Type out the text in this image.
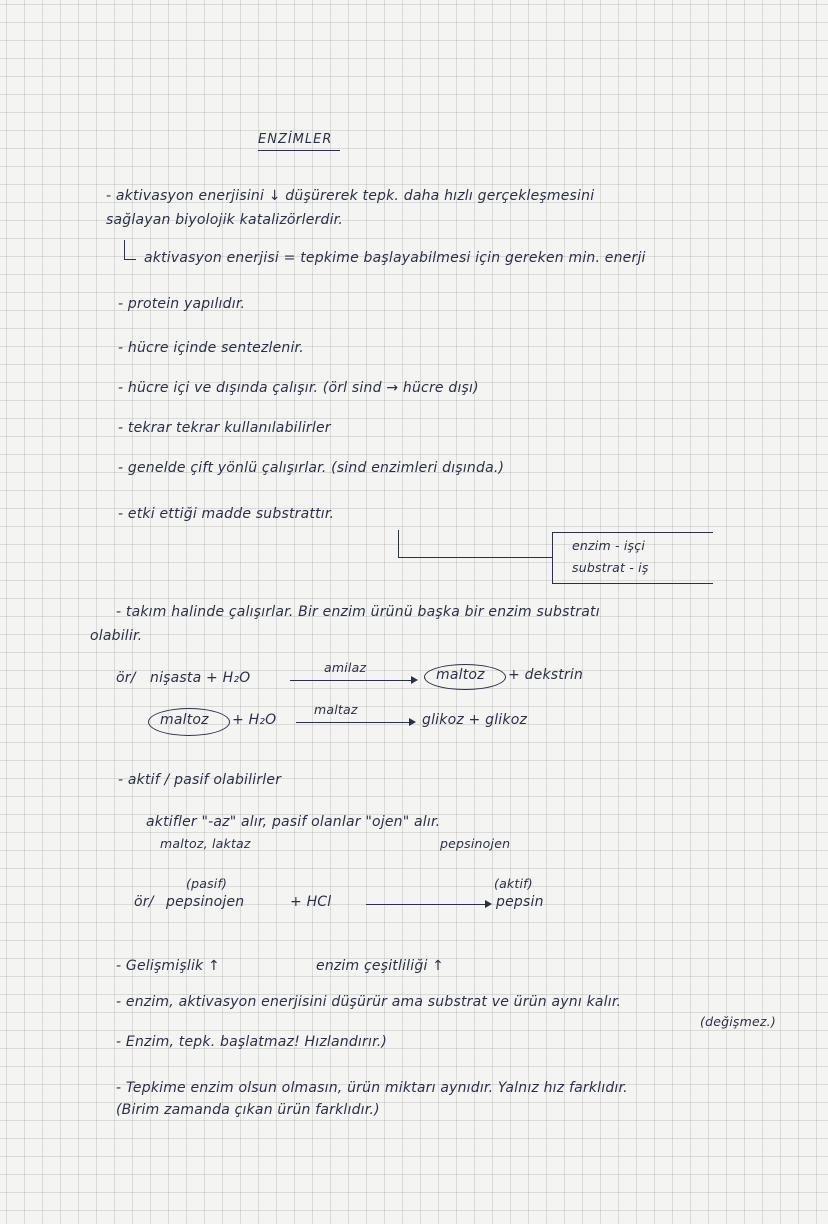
ENZİMLER
- aktivasyon enerjisini ↓ düşürerek tepk. daha hızlı gerçekleşmesini
sağlayan biyolojik katalizörlerdir.
aktivasyon enerjisi = tepkime başlayabilmesi için gereken min. enerji
- protein yapılıdır.
- hücre içinde sentezlenir.
- hücre içi ve dışında çalışır. (örl sind → hücre dışı)
- tekrar tekrar kullanılabilirler
- genelde çift yönlü çalışırlar. (sind enzimleri dışında.)
- etki ettiği madde substrattır.
enzim - işçi
substrat - iş
- takım halinde çalışırlar. Bir enzim ürünü başka bir enzim substratı
olabilir.
ör/ nişasta + H₂O
amilaz	maltoz + dekstrin
maltoz + H₂O
maltaz
glikoz + glikoz
- aktif / pasif olabilirler
aktifler "-az" alır, pasif olanlar "ojen" alır.
maltoz, laktaz	pepsinojen
(pasif)
ör/ pepsinojen	+ HCl
(aktif)
pepsin
- Gelişmişlik ↑	enzim çeşitliliği ↑
- enzim, aktivasyon enerjisini düşürür ama substrat ve ürün aynı kalır.
(değişmez.)
- Enzim, tepk. başlatmaz! Hızlandırır.)
- Tepkime enzim olsun olmasın, ürün miktarı aynıdır. Yalnız hız farklıdır.
(Birim zamanda çıkan ürün farklıdır.)
